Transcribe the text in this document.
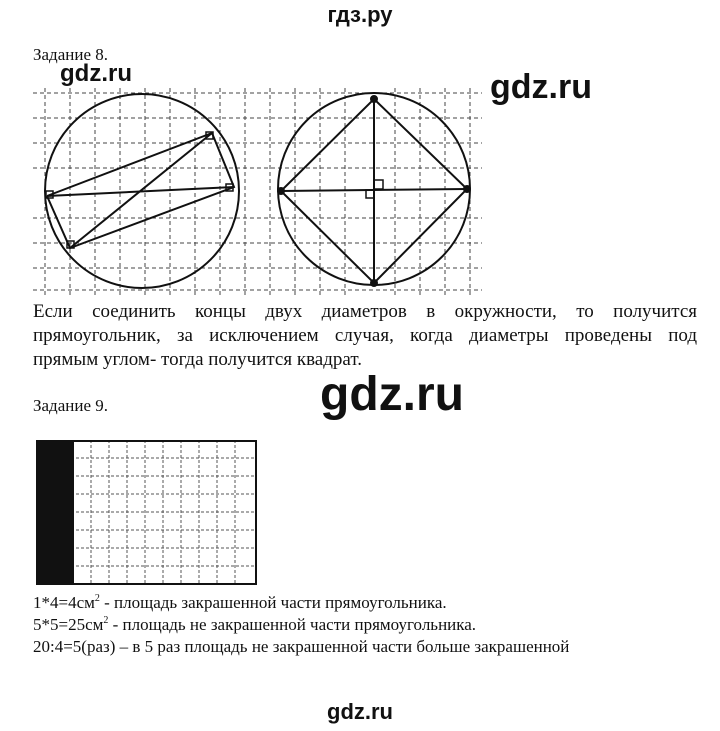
гдз.ру
Задание 8.
gdz.ru	gdz.ru
Если соединить концы двух диаметров в окружности, то получится
прямоугольник, за исключением случая, когда диаметры проведены под
прямым углом- тогда получится квадрат.
Задание 9.	gdz.ru
$1*4=4см^2$ - площадь закрашенной части прямоугольника.
$5*5=25см^2$ - площадь не закрашенной части прямоугольника.
20:4=5(раз) – в 5 раз площадь не закрашенной части больше закрашенной
gdz.ru
